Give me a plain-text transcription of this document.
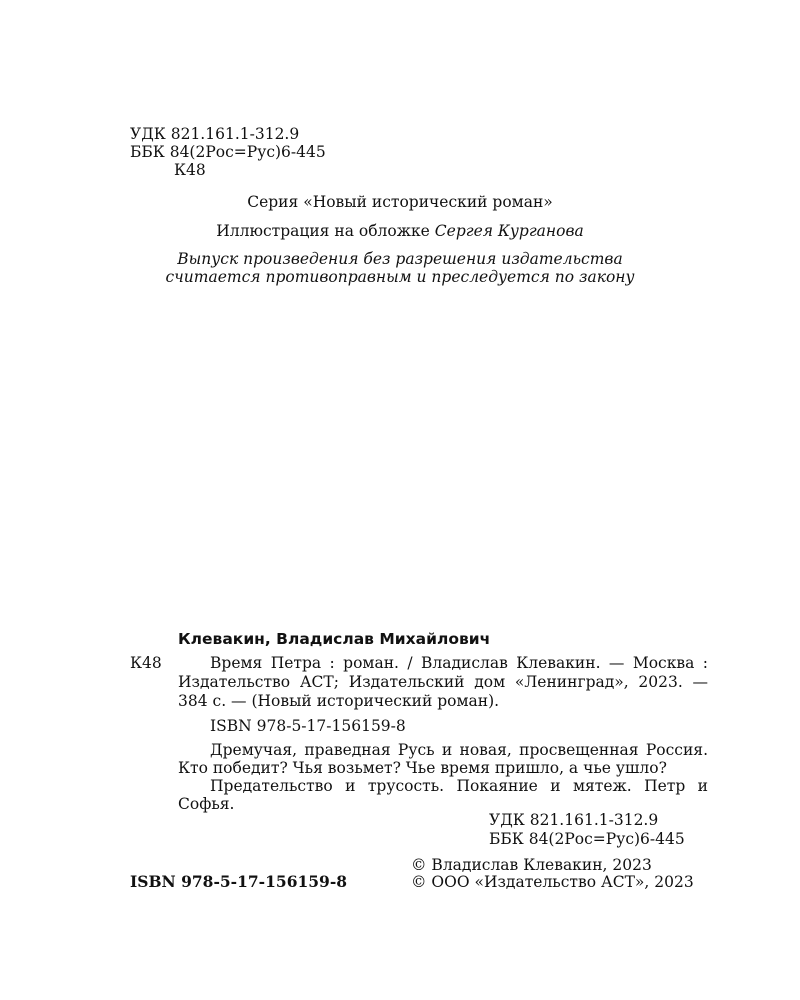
УДК 821.161.1-312.9
ББК 84(2Рос=Рус)6-445
К48
Серия «Новый исторический роман»
Иллюстрация на обложке Сергея Курганова
Выпуск произведения без разрешения издательства
считается противоправным и преследуется по закону
Клевакин, Владислав Михайлович
К48	Время Петра : роман. / Владислав Клевакин. — Москва : Издательство АСТ; Издательский дом «Ленинград», 2023. — 384 с. — (Новый исторический роман).
ISBN 978-5-17-156159-8
Дремучая, праведная Русь и новая, просвещенная Россия. Кто победит? Чья возьмет? Чье время пришло, а чье ушло?
Предательство и трусость. Покаяние и мятеж. Петр и Софья.
УДК 821.161.1-312.9
ББК 84(2Рос=Рус)6-445
ISBN 978-5-17-156159-8
© Владислав Клевакин, 2023
© ООО «Издательство АСТ», 2023
